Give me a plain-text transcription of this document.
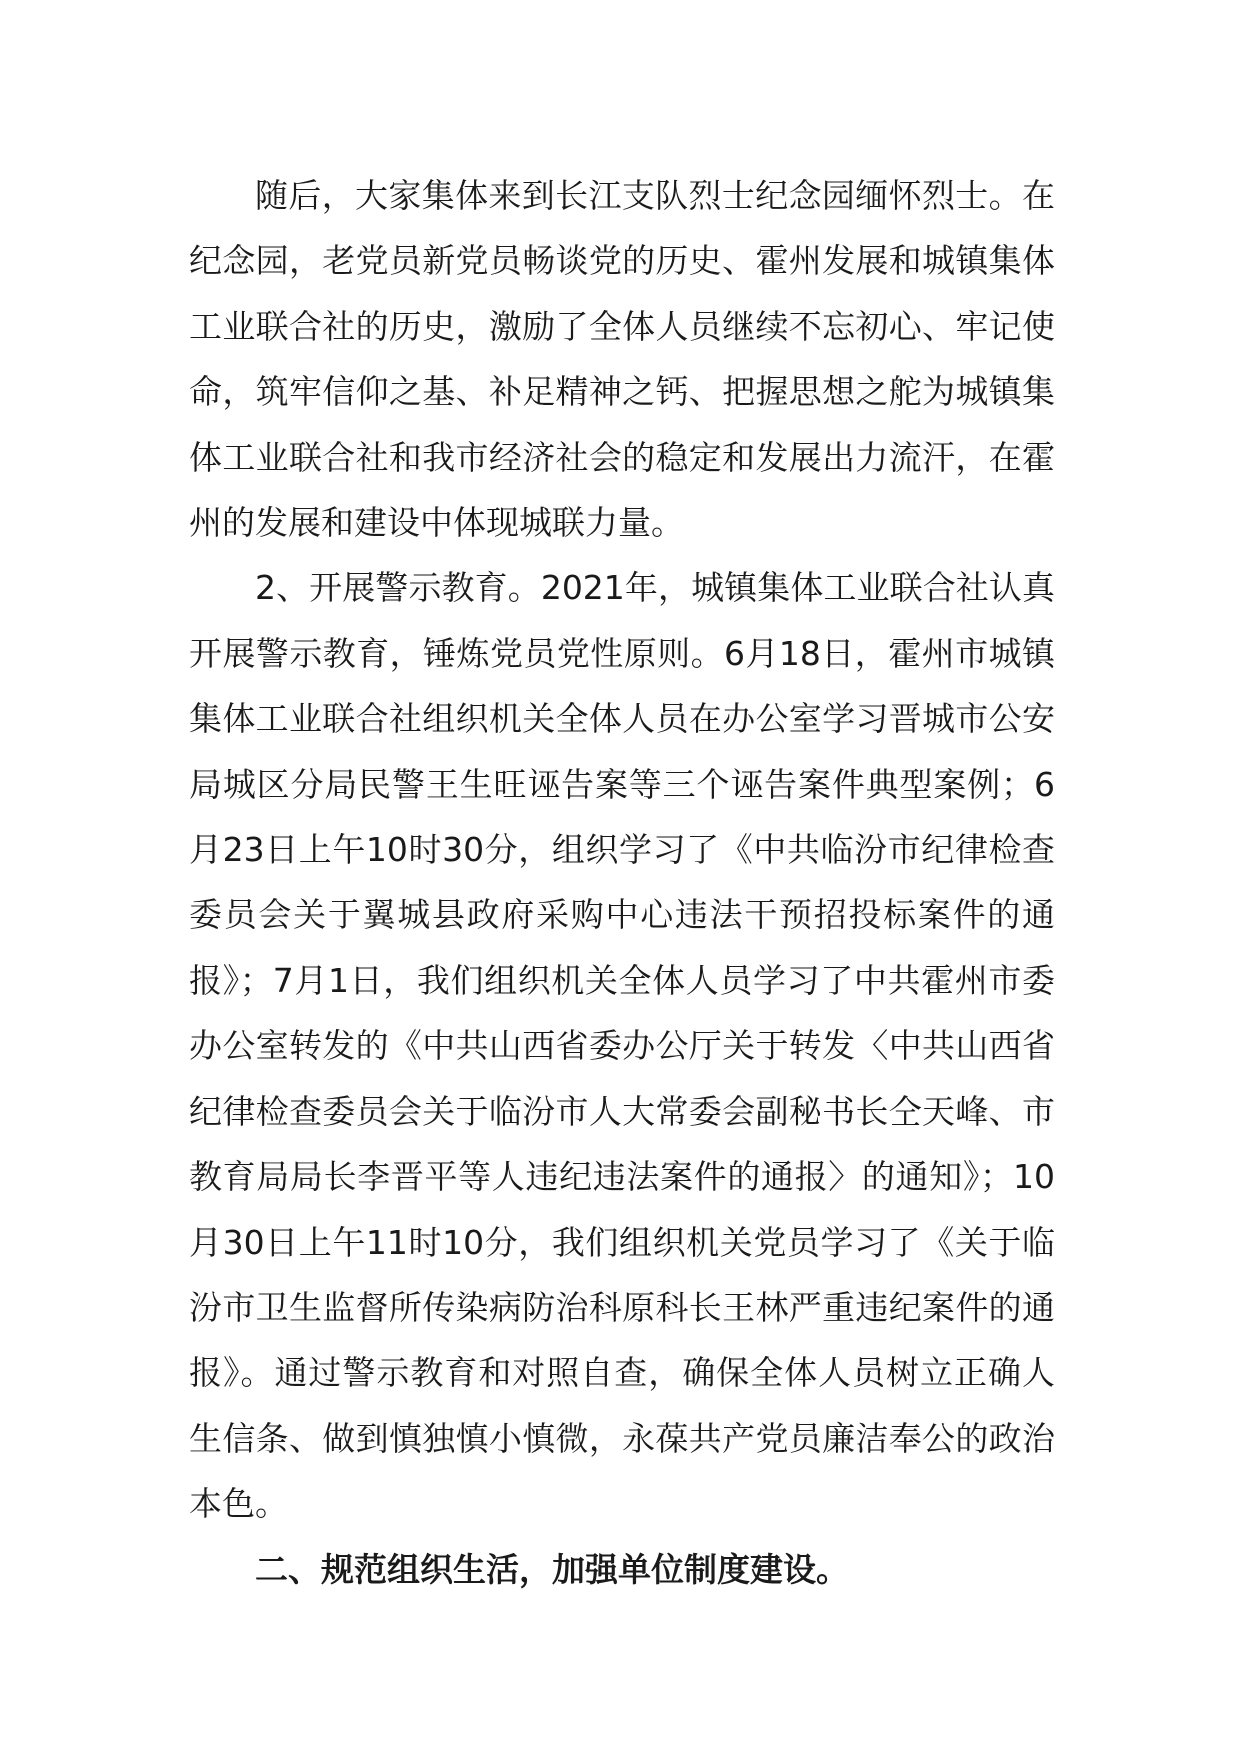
随后，大家集体来到长江支队烈士纪念园缅怀烈士。在纪念园，老党员新党员畅谈党的历史、霍州发展和城镇集体工业联合社的历史，激励了全体人员继续不忘初心、牢记使命，筑牢信仰之基、补足精神之钙、把握思想之舵为城镇集体工业联合社和我市经济社会的稳定和发展出力流汗，在霍州的发展和建设中体现城联力量。

2、开展警示教育。2021年，城镇集体工业联合社认真开展警示教育，锤炼党员党性原则。6月18日，霍州市城镇集体工业联合社组织机关全体人员在办公室学习晋城市公安局城区分局民警王生旺诬告案等三个诬告案件典型案例；6月23日上午10时30分，组织学习了《中共临汾市纪律检查委员会关于翼城县政府采购中心违法干预招投标案件的通报》；7月1日，我们组织机关全体人员学习了中共霍州市委办公室转发的《中共山西省委办公厅关于转发〈中共山西省纪律检查委员会关于临汾市人大常委会副秘书长仝天峰、市教育局局长李晋平等人违纪违法案件的通报〉的通知》；10月30日上午11时10分，我们组织机关党员学习了《关于临汾市卫生监督所传染病防治科原科长王林严重违纪案件的通报》。通过警示教育和对照自查，确保全体人员树立正确人生信条、做到慎独慎小慎微，永葆共产党员廉洁奉公的政治本色。

二、规范组织生活，加强单位制度建设。
